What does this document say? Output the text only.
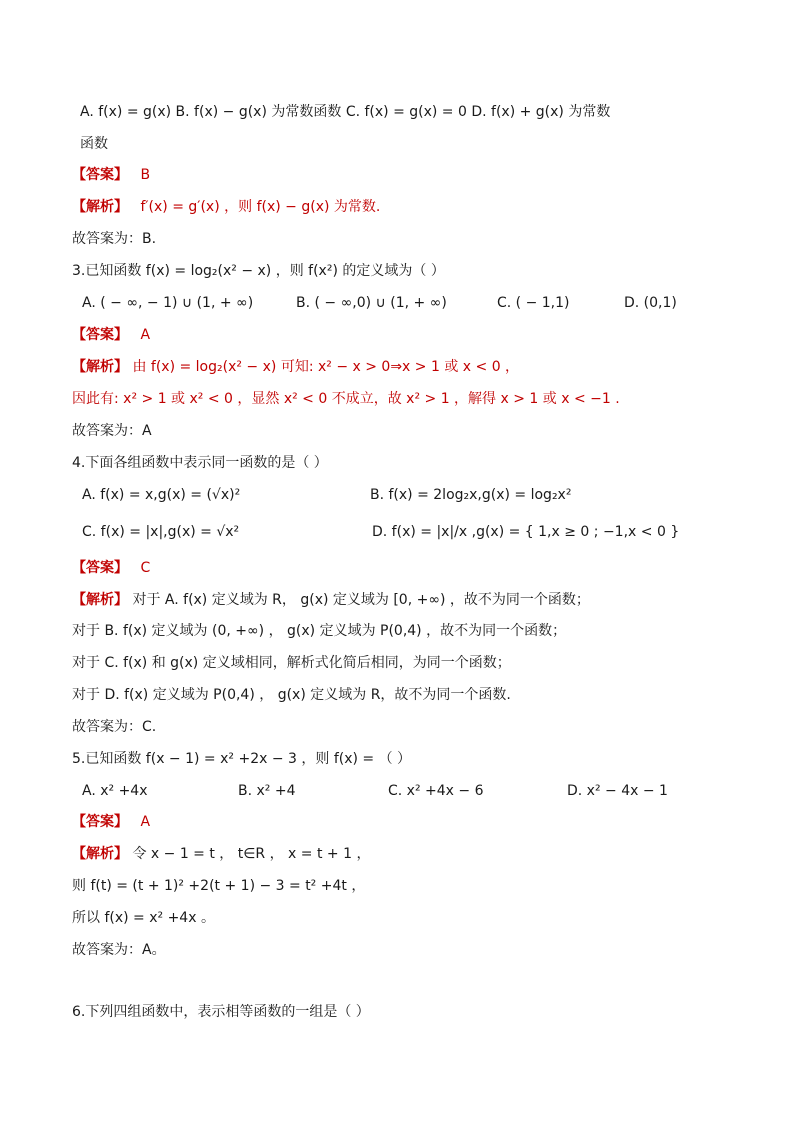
A. f(x) = g(x) B. f(x) − g(x) 为常数函数 C. f(x) = g(x) = 0 D. f(x) + g(x) 为常数
函数
【答案】 B
【解析】 f′(x) = g′(x) ，则 f(x) − g(x) 为常数.
故答案为：B.
3.已知函数 f(x) = log₂(x² − x) ，则 f(x²) 的定义域为（ ）
A. ( − ∞, − 1) ∪ (1, + ∞)	B. ( − ∞,0) ∪ (1, + ∞)	C. ( − 1,1)	D. (0,1)
【答案】 A
【解析】 由 f(x) = log₂(x² − x) 可知: x² − x > 0⇒x > 1 或 x < 0 ，
因此有: x² > 1 或 x² < 0 ，显然 x² < 0 不成立，故 x² > 1 ，解得 x > 1 或 x < −1 .
故答案为：A
4.下面各组函数中表示同一函数的是（ ）
A. f(x) = x,g(x) = (√x)²	B. f(x) = 2log₂x,g(x) = log₂x²
C. f(x) = |x|,g(x) = √x²	D. f(x) = |x|/x ,g(x) = { 1,x ≥ 0 ; −1,x < 0 }
【答案】 C
【解析】 对于 A. f(x) 定义域为 R， g(x) 定义域为 [0, +∞) ，故不为同一个函数；
对于 B. f(x) 定义域为 (0, +∞) ， g(x) 定义域为 P(0,4) ，故不为同一个函数；
对于 C. f(x) 和 g(x) 定义域相同，解析式化简后相同，为同一个函数；
对于 D. f(x) 定义域为 P(0,4) ， g(x) 定义域为 R，故不为同一个函数.
故答案为：C.
5.已知函数 f(x − 1) = x² +2x − 3 ，则 f(x) = （ ）
A. x² +4x	B. x² +4	C. x² +4x − 6	D. x² − 4x − 1
【答案】 A
【解析】 令 x − 1 = t ， t∈R ， x = t + 1 ，
则 f(t) = (t + 1)² +2(t + 1) − 3 = t² +4t ，
所以 f(x) = x² +4x 。
故答案为：A。
6.下列四组函数中，表示相等函数的一组是（ ）
